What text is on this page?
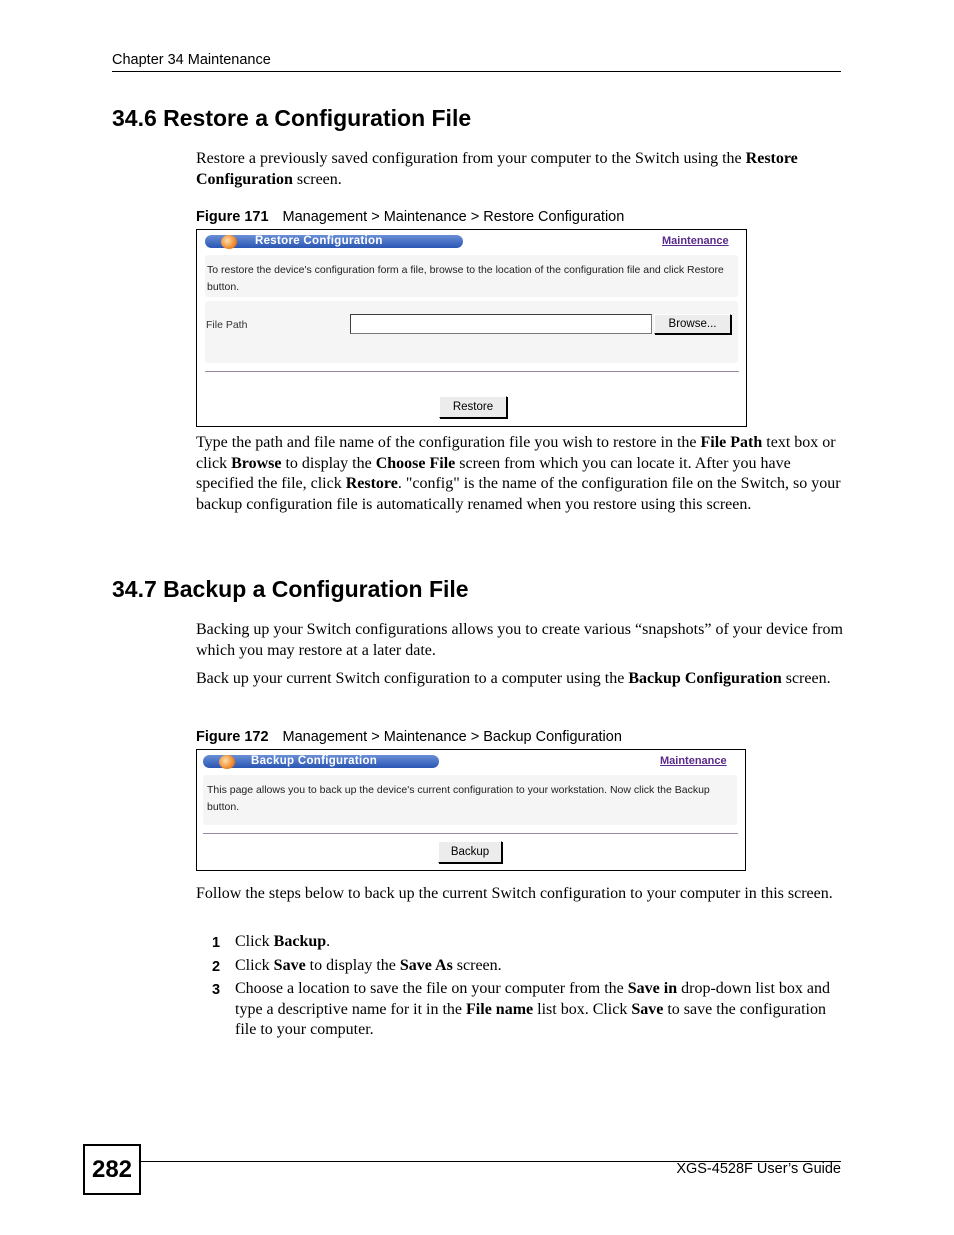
Chapter 34 Maintenance
34.6 Restore a Configuration File
Restore a previously saved configuration from your computer to the Switch using the Restore Configuration screen.
Figure 171 Management > Maintenance > Restore Configuration
Restore Configuration	Maintenance
To restore the device's configuration form a file, browse to the location of the configuration file and click Restore button.
File Path	Browse...
Restore
Type the path and file name of the configuration file you wish to restore in the File Path text box or click Browse to display the Choose File screen from which you can locate it. After you have specified the file, click Restore. "config" is the name of the configuration file on the Switch, so your backup configuration file is automatically renamed when you restore using this screen.
34.7 Backup a Configuration File
Backing up your Switch configurations allows you to create various “snapshots” of your device from which you may restore at a later date.
Back up your current Switch configuration to a computer using the Backup Configuration screen.
Figure 172 Management > Maintenance > Backup Configuration
Backup Configuration	Maintenance
This page allows you to back up the device's current configuration to your workstation. Now click the Backup button.
Backup
Follow the steps below to back up the current Switch configuration to your computer in this screen.
1 Click Backup.
2 Click Save to display the Save As screen.
3 Choose a location to save the file on your computer from the Save in drop-down list box and type a descriptive name for it in the File name list box. Click Save to save the configuration file to your computer.
282	XGS-4528F User’s Guide
